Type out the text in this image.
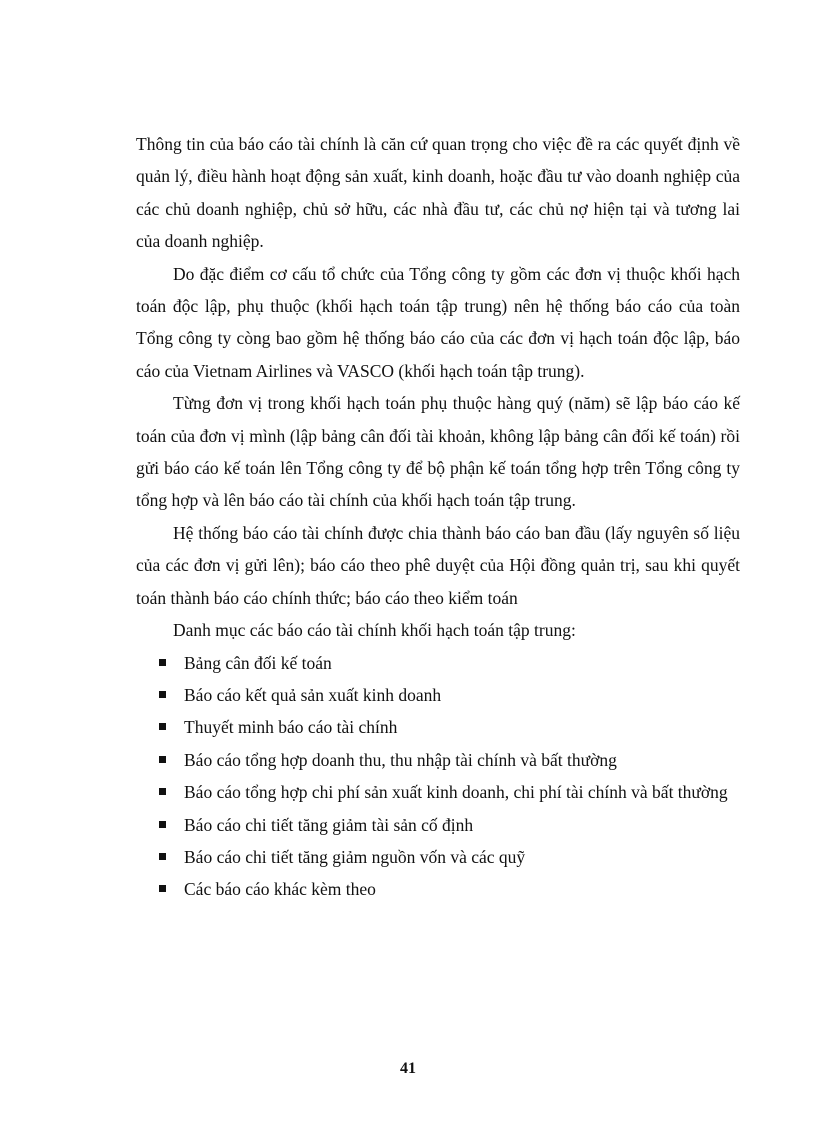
Thông tin của báo cáo tài chính là căn cứ quan trọng cho việc đề ra các quyết định về quản lý, điều hành hoạt động sản xuất, kinh doanh, hoặc đầu tư vào doanh nghiệp của các chủ doanh nghiệp, chủ sở hữu, các nhà đầu tư, các chủ nợ hiện tại và tương lai của doanh nghiệp.

Do đặc điểm cơ cấu tổ chức của Tổng công ty gồm các đơn vị thuộc khối hạch toán độc lập, phụ thuộc (khối hạch toán tập trung) nên hệ thống báo cáo của toàn Tổng công ty còng bao gồm hệ thống báo cáo của các đơn vị hạch toán độc lập, báo cáo của Vietnam Airlines và VASCO (khối hạch toán tập trung).

Từng đơn vị trong khối hạch toán phụ thuộc hàng quý (năm) sẽ lập báo cáo kế toán của đơn vị mình (lập bảng cân đối tài khoản, không lập bảng cân đối kế toán) rồi gửi báo cáo kế toán lên Tổng công ty để bộ phận kế toán tổng hợp trên Tổng công ty tổng hợp và lên báo cáo tài chính của khối hạch toán tập trung.

Hệ thống báo cáo tài chính được chia thành báo cáo ban đầu (lấy nguyên số liệu của các đơn vị gửi lên); báo cáo theo phê duyệt của Hội đồng quản trị, sau khi quyết toán thành báo cáo chính thức; báo cáo theo kiểm toán

Danh mục các báo cáo tài chính khối hạch toán tập trung:

Bảng cân đối kế toán
Báo cáo kết quả sản xuất kinh doanh
Thuyết minh báo cáo tài chính
Báo cáo tổng hợp doanh thu, thu nhập tài chính và bất thường
Báo cáo tổng hợp chi phí sản xuất kinh doanh, chi phí tài chính và bất thường
Báo cáo chi tiết tăng giảm tài sản cố định
Báo cáo chi tiết tăng giảm nguồn vốn và các quỹ
Các báo cáo khác kèm theo
41
